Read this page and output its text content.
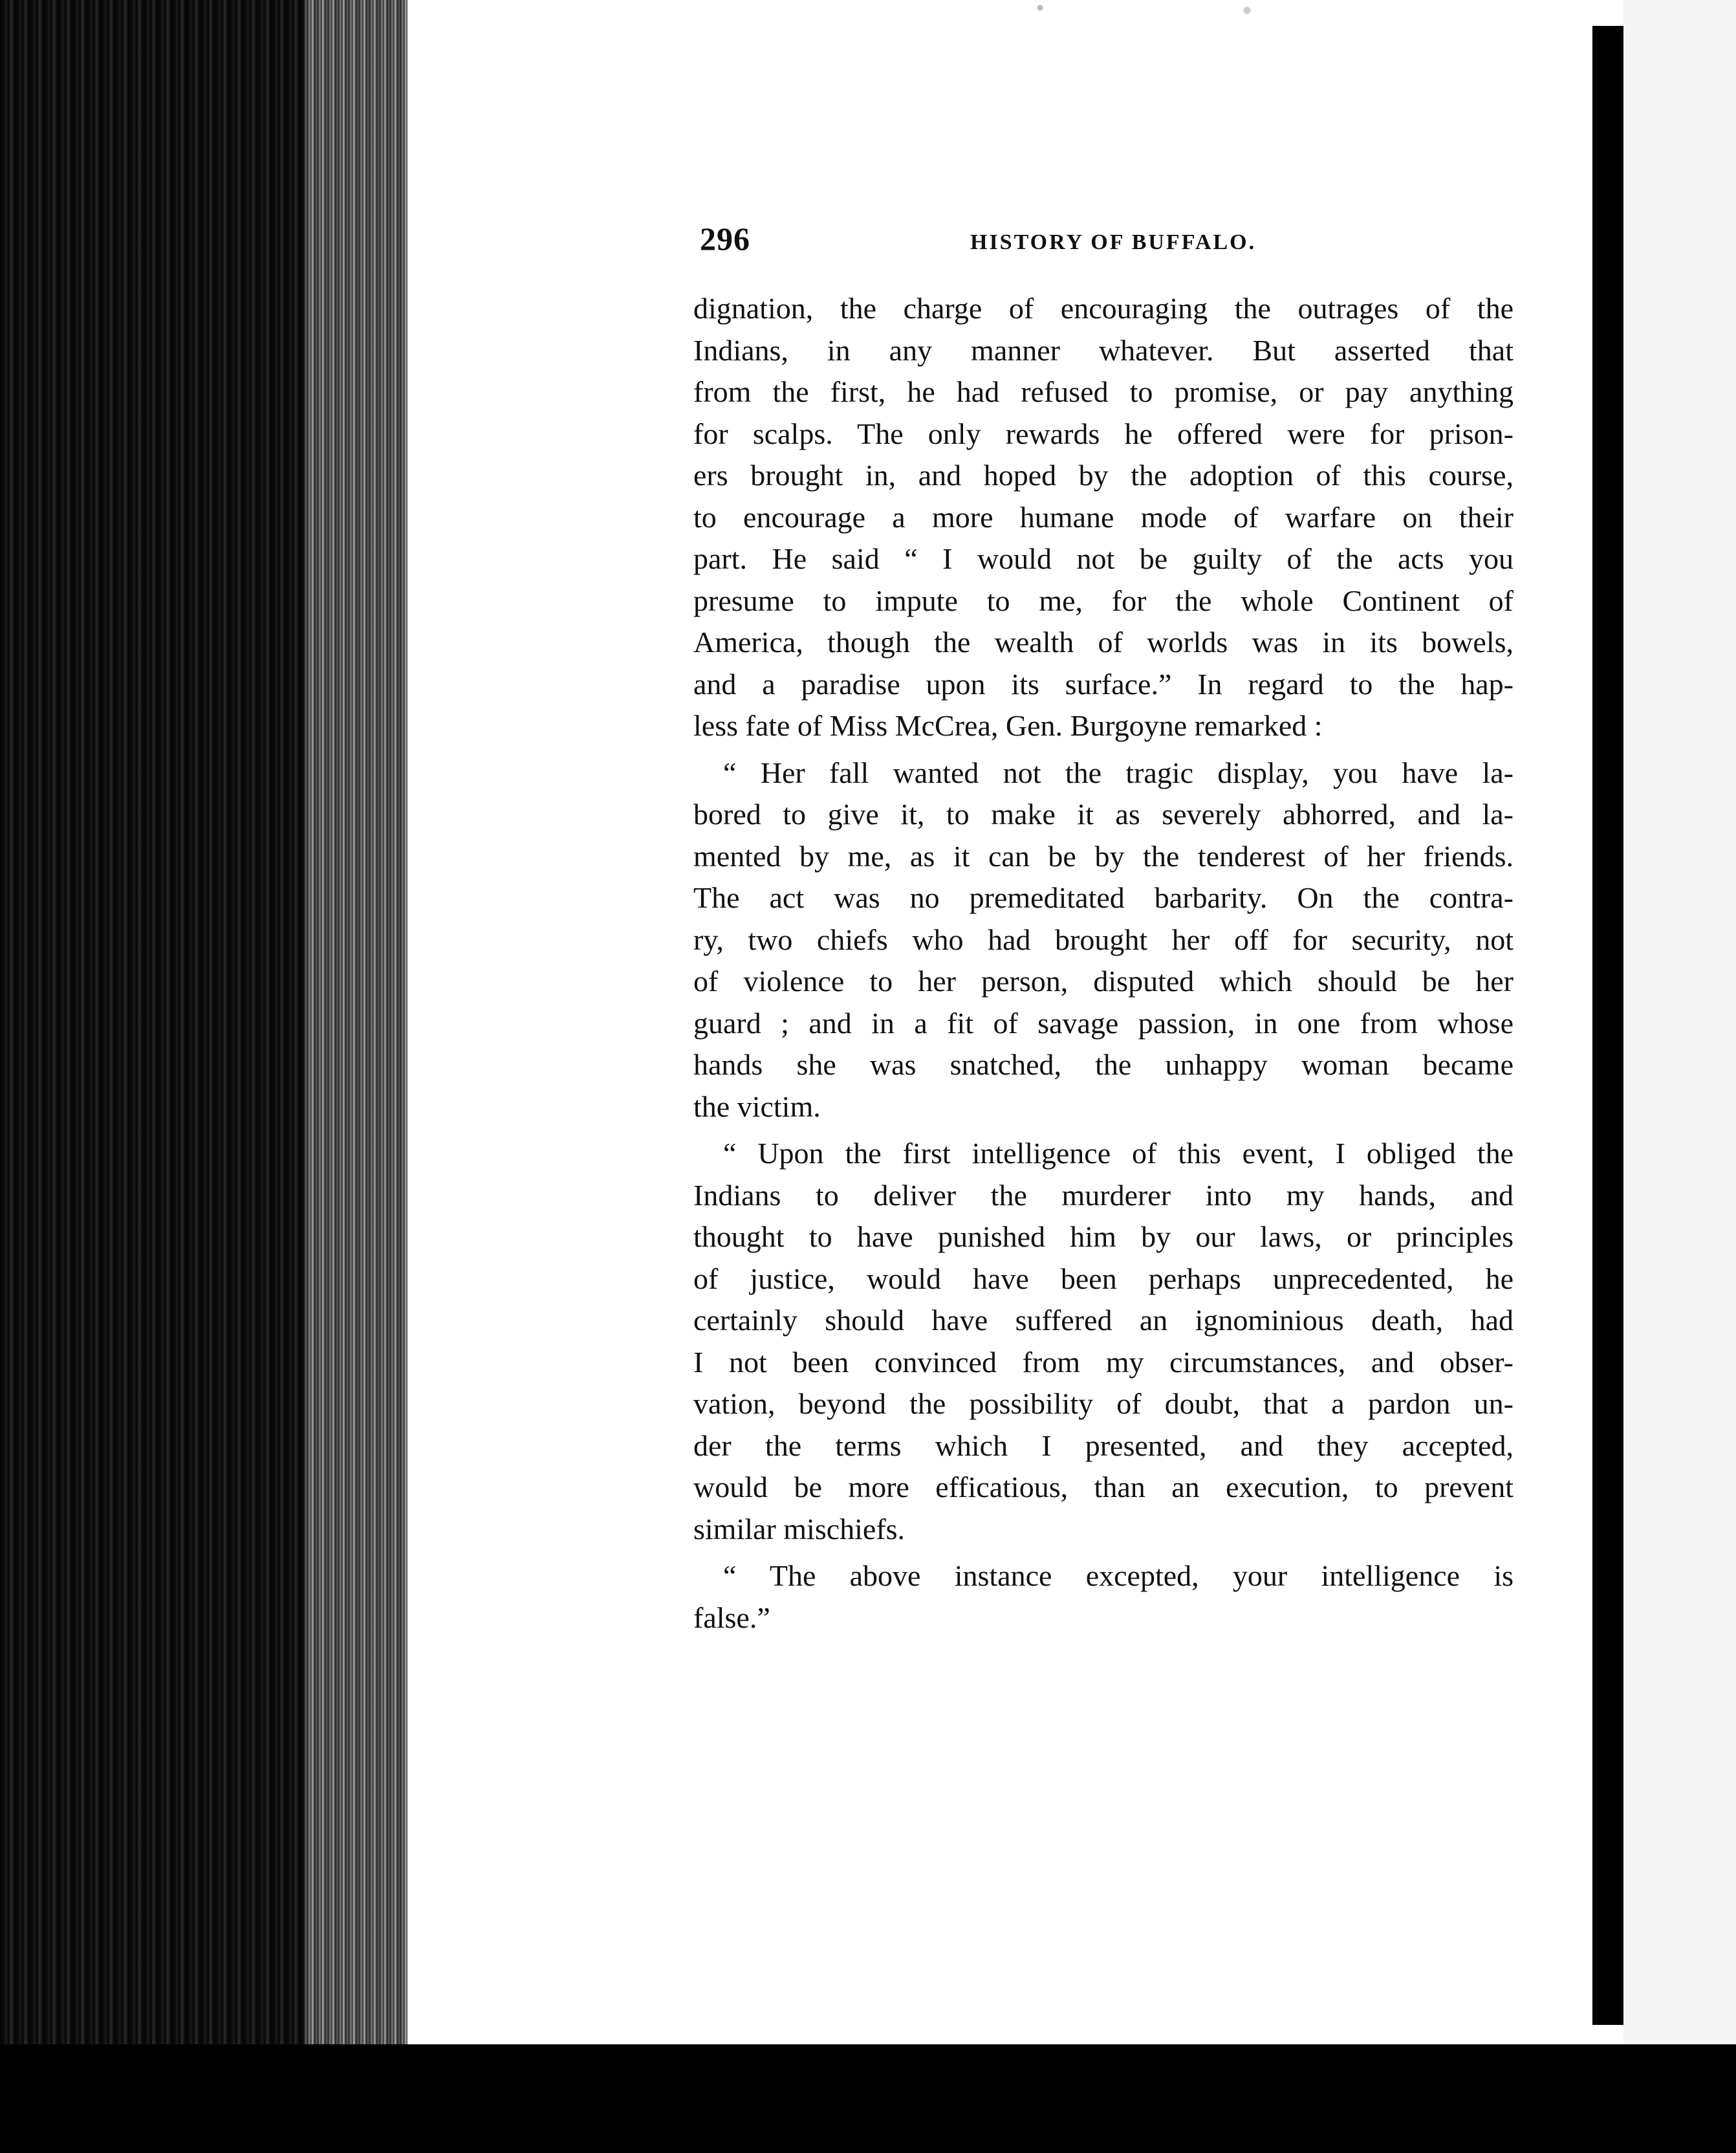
296	HISTORY OF BUFFALO.
dignation, the charge of encouraging the outrages of the
Indians, in any manner whatever. But asserted that
from the first, he had refused to promise, or pay anything
for scalps. The only rewards he offered were for prison-
ers brought in, and hoped by the adoption of this course,
to encourage a more humane mode of warfare on their
part. He said “ I would not be guilty of the acts you
presume to impute to me, for the whole Continent of
America, though the wealth of worlds was in its bowels,
and a paradise upon its surface.” In regard to the hap-
less fate of Miss McCrea, Gen. Burgoyne remarked :
“ Her fall wanted not the tragic display, you have la-
bored to give it, to make it as severely abhorred, and la-
mented by me, as it can be by the tenderest of her friends.
The act was no premeditated barbarity. On the contra-
ry, two chiefs who had brought her off for security, not
of violence to her person, disputed which should be her
guard ; and in a fit of savage passion, in one from whose
hands she was snatched, the unhappy woman became
the victim.
“ Upon the first intelligence of this event, I obliged the
Indians to deliver the murderer into my hands, and
thought to have punished him by our laws, or principles
of justice, would have been perhaps unprecedented, he
certainly should have suffered an ignominious death, had
I not been convinced from my circumstances, and obser-
vation, beyond the possibility of doubt, that a pardon un-
der the terms which I presented, and they accepted,
would be more efficatious, than an execution, to prevent
similar mischiefs.
“ The above instance excepted, your intelligence is
false.”
